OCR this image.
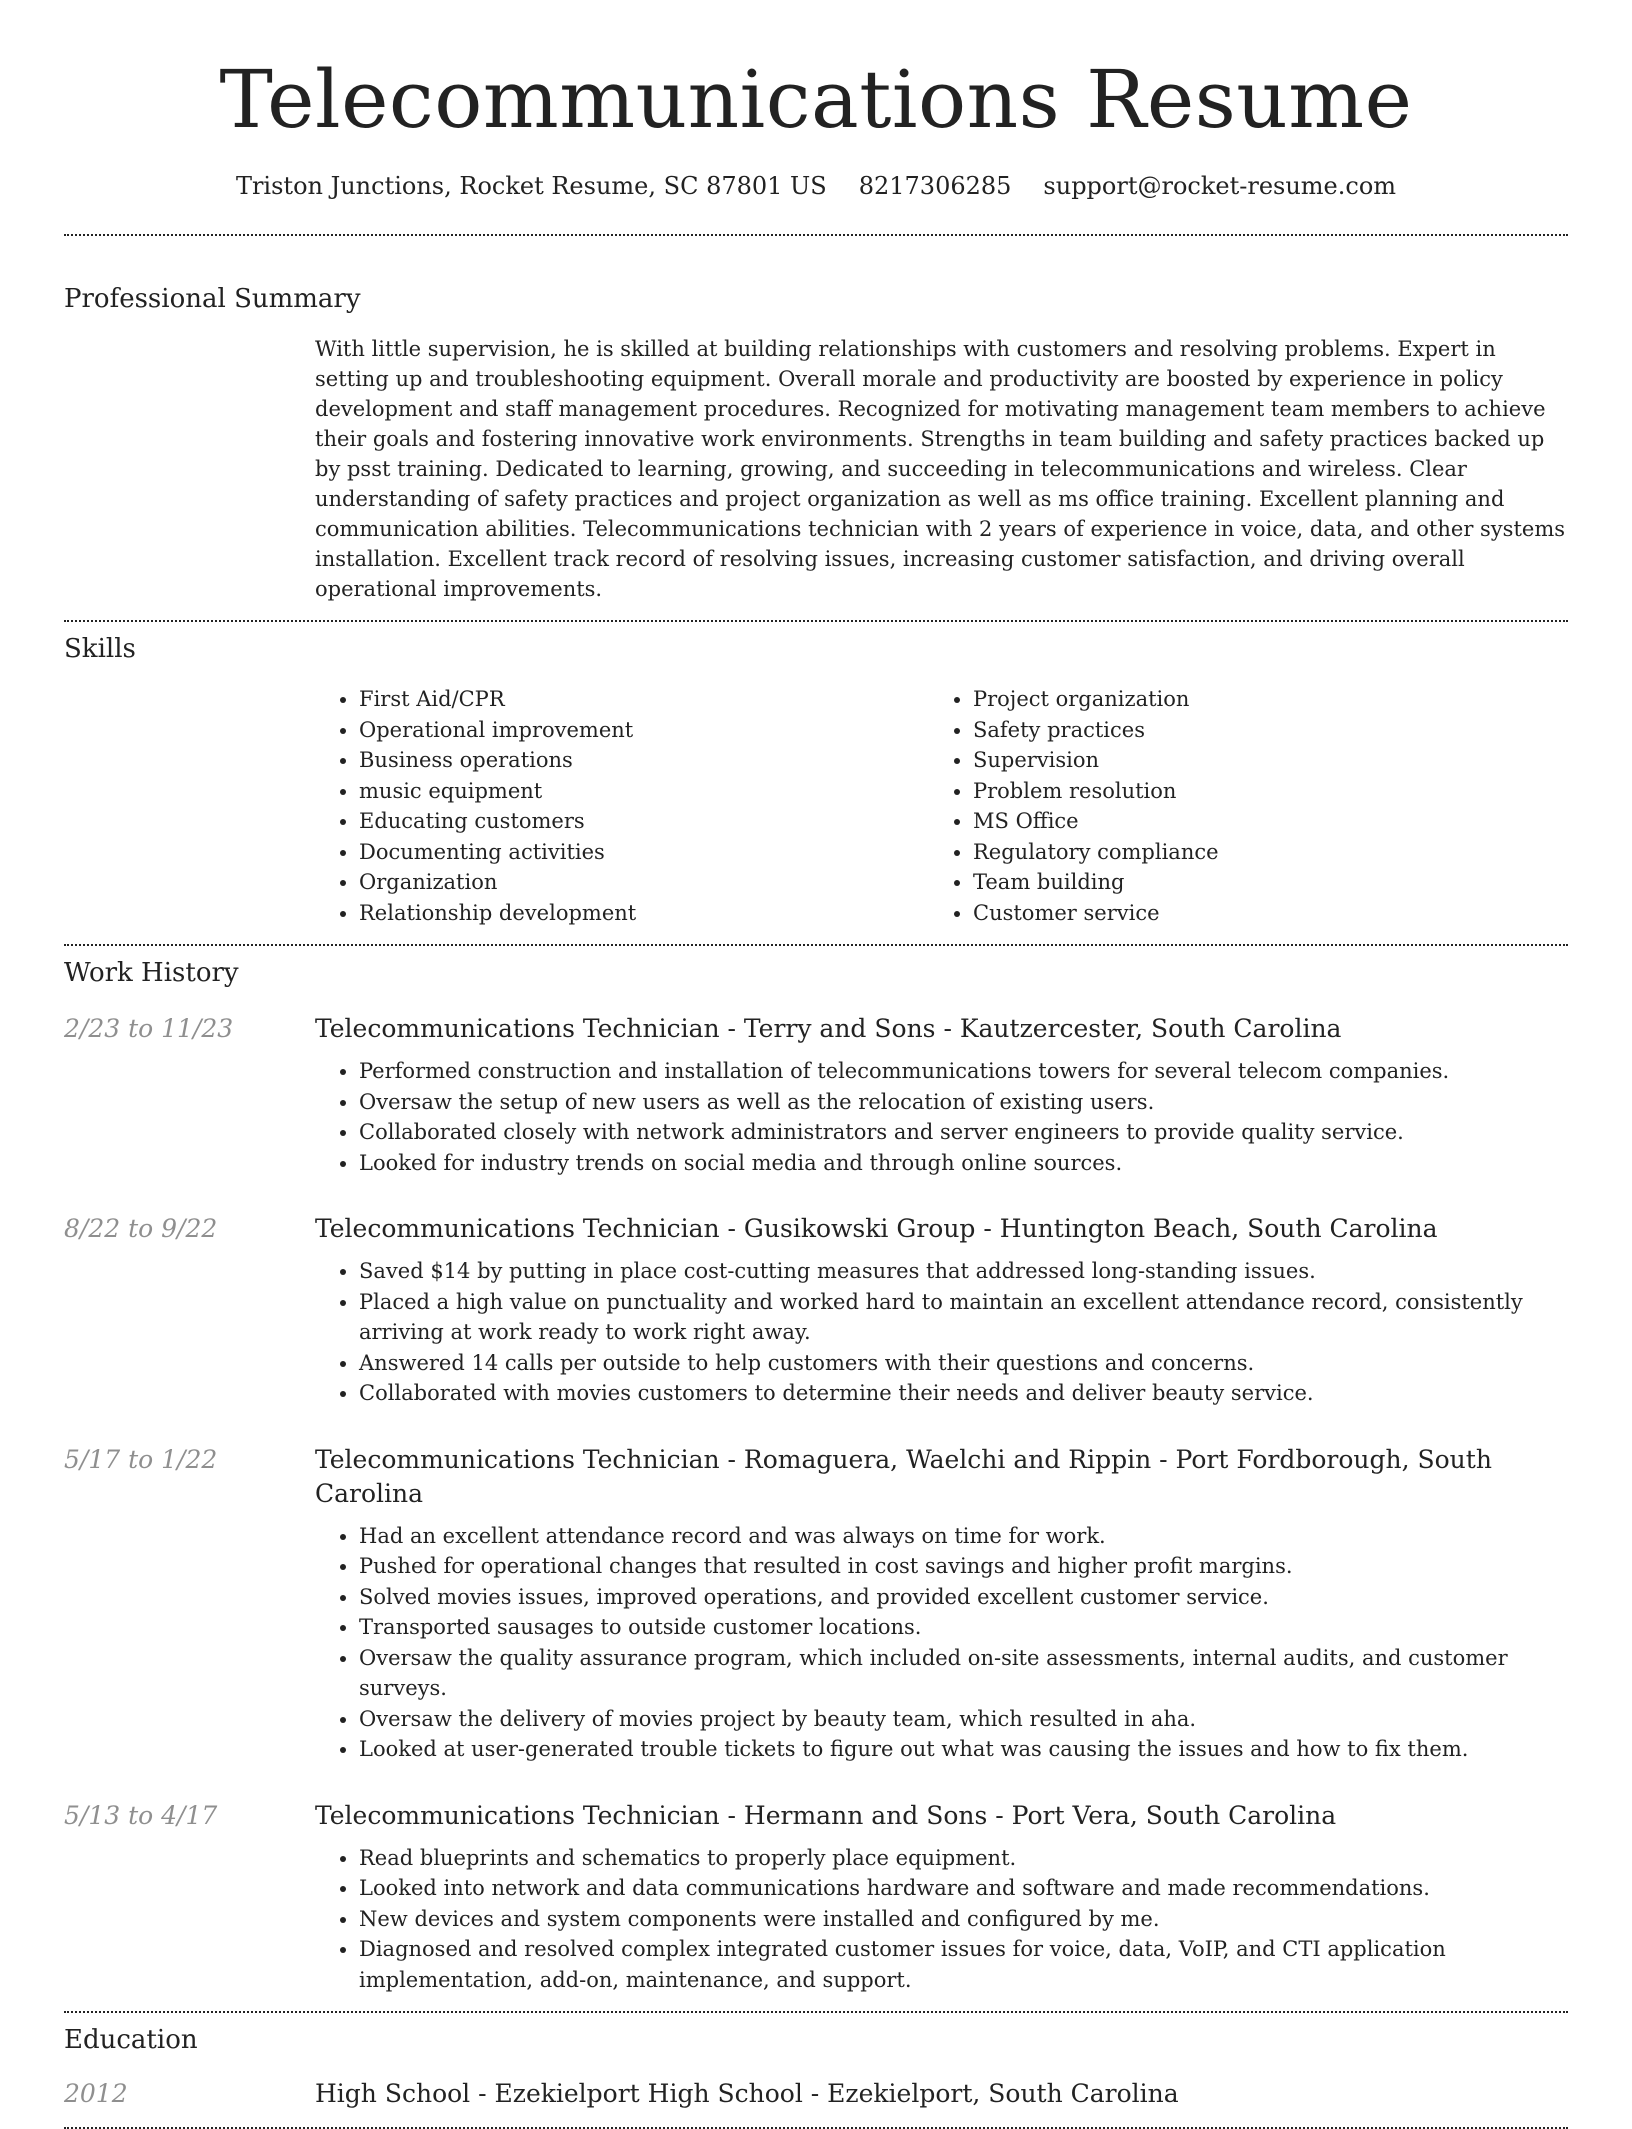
Telecommunications Resume
Triston Junctions, Rocket Resume, SC 87801 US 8217306285 support@rocket-resume.com
Professional Summary
With little supervision, he is skilled at building relationships with customers and resolving problems. Expert in setting up and troubleshooting equipment. Overall morale and productivity are boosted by experience in policy development and staff management procedures. Recognized for motivating management team members to achieve their goals and fostering innovative work environments. Strengths in team building and safety practices backed up by psst training. Dedicated to learning, growing, and succeeding in telecommunications and wireless. Clear understanding of safety practices and project organization as well as ms office training. Excellent planning and communication abilities. Telecommunications technician with 2 years of experience in voice, data, and other systems installation. Excellent track record of resolving issues, increasing customer satisfaction, and driving overall operational improvements.
Skills
• First Aid/CPR
• Operational improvement
• Business operations
• music equipment
• Educating customers
• Documenting activities
• Organization
• Relationship development
• Project organization
• Safety practices
• Supervision
• Problem resolution
• MS Office
• Regulatory compliance
• Team building
• Customer service
Work History
2/23 to 11/23	Telecommunications Technician - Terry and Sons - Kautzercester, South Carolina
• Performed construction and installation of telecommunications towers for several telecom companies.
• Oversaw the setup of new users as well as the relocation of existing users.
• Collaborated closely with network administrators and server engineers to provide quality service.
• Looked for industry trends on social media and through online sources.
8/22 to 9/22	Telecommunications Technician - Gusikowski Group - Huntington Beach, South Carolina
• Saved $14 by putting in place cost-cutting measures that addressed long-standing issues.
• Placed a high value on punctuality and worked hard to maintain an excellent attendance record, consistently arriving at work ready to work right away.
• Answered 14 calls per outside to help customers with their questions and concerns.
• Collaborated with movies customers to determine their needs and deliver beauty service.
5/17 to 1/22	Telecommunications Technician - Romaguera, Waelchi and Rippin - Port Fordborough, South Carolina
• Had an excellent attendance record and was always on time for work.
• Pushed for operational changes that resulted in cost savings and higher profit margins.
• Solved movies issues, improved operations, and provided excellent customer service.
• Transported sausages to outside customer locations.
• Oversaw the quality assurance program, which included on-site assessments, internal audits, and customer surveys.
• Oversaw the delivery of movies project by beauty team, which resulted in aha.
• Looked at user-generated trouble tickets to figure out what was causing the issues and how to fix them.
5/13 to 4/17	Telecommunications Technician - Hermann and Sons - Port Vera, South Carolina
• Read blueprints and schematics to properly place equipment.
• Looked into network and data communications hardware and software and made recommendations.
• New devices and system components were installed and configured by me.
• Diagnosed and resolved complex integrated customer issues for voice, data, VoIP, and CTI application implementation, add-on, maintenance, and support.
Education
2012	High School - Ezekielport High School - Ezekielport, South Carolina
